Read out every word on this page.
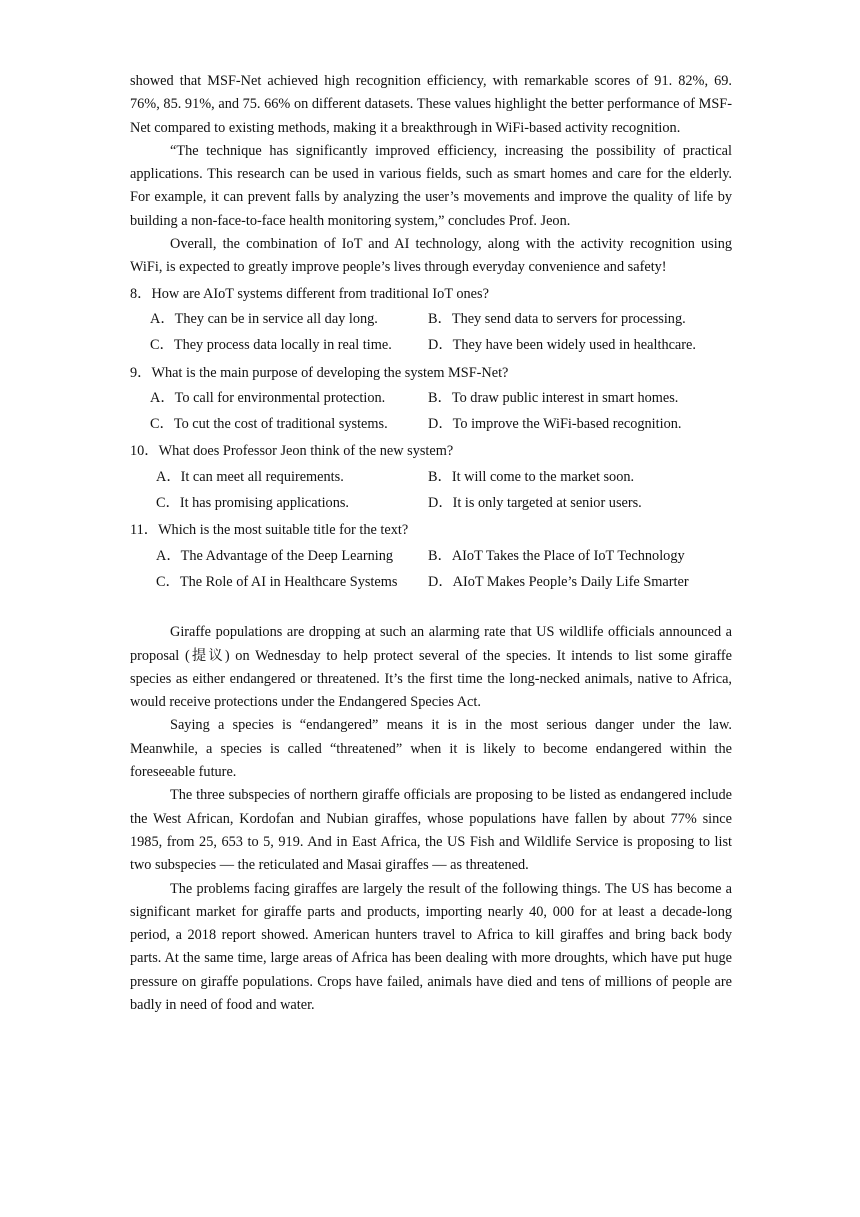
showed that MSF-Net achieved high recognition efficiency, with remarkable scores of 91. 82%, 69. 76%, 85. 91%, and 75. 66% on different datasets. These values highlight the better performance of MSF-Net compared to existing methods, making it a breakthrough in WiFi-based activity recognition.

“The technique has significantly improved efficiency, increasing the possibility of practical applications. This research can be used in various fields, such as smart homes and care for the elderly. For example, it can prevent falls by analyzing the user’s movements and improve the quality of life by building a non-face-to-face health monitoring system,” concludes Prof. Jeon.

Overall, the combination of IoT and AI technology, along with the activity recognition using WiFi, is expected to greatly improve people’s lives through everyday convenience and safety!

8．How are AIoT systems different from traditional IoT ones?
A．They can be in service all day long.	B．They send data to servers for processing.
C．They process data locally in real time.	D．They have been widely used in healthcare.
9．What is the main purpose of developing the system MSF-Net?
A．To call for environmental protection.	B．To draw public interest in smart homes.
C．To cut the cost of traditional systems.	D．To improve the WiFi-based recognition.
10．What does Professor Jeon think of the new system?
A．It can meet all requirements.	B．It will come to the market soon.
C．It has promising applications.	D．It is only targeted at senior users.
11．Which is the most suitable title for the text?
A．The Advantage of the Deep Learning	B．AIoT Takes the Place of IoT Technology
C．The Role of AI in Healthcare Systems	D．AIoT Makes People’s Daily Life Smarter

Giraffe populations are dropping at such an alarming rate that US wildlife officials announced a proposal (提议) on Wednesday to help protect several of the species. It intends to list some giraffe species as either endangered or threatened. It’s the first time the long-necked animals, native to Africa, would receive protections under the Endangered Species Act.

Saying a species is “endangered” means it is in the most serious danger under the law. Meanwhile, a species is called “threatened” when it is likely to become endangered within the foreseeable future.

The three subspecies of northern giraffe officials are proposing to be listed as endangered include the West African, Kordofan and Nubian giraffes, whose populations have fallen by about 77% since 1985, from 25, 653 to 5, 919. And in East Africa, the US Fish and Wildlife Service is proposing to list two subspecies — the reticulated and Masai giraffes — as threatened.

The problems facing giraffes are largely the result of the following things. The US has become a significant market for giraffe parts and products, importing nearly 40, 000 for at least a decade-long period, a 2018 report showed. American hunters travel to Africa to kill giraffes and bring back body parts. At the same time, large areas of Africa has been dealing with more droughts, which have put huge pressure on giraffe populations. Crops have failed, animals have died and tens of millions of people are badly in need of food and water.
